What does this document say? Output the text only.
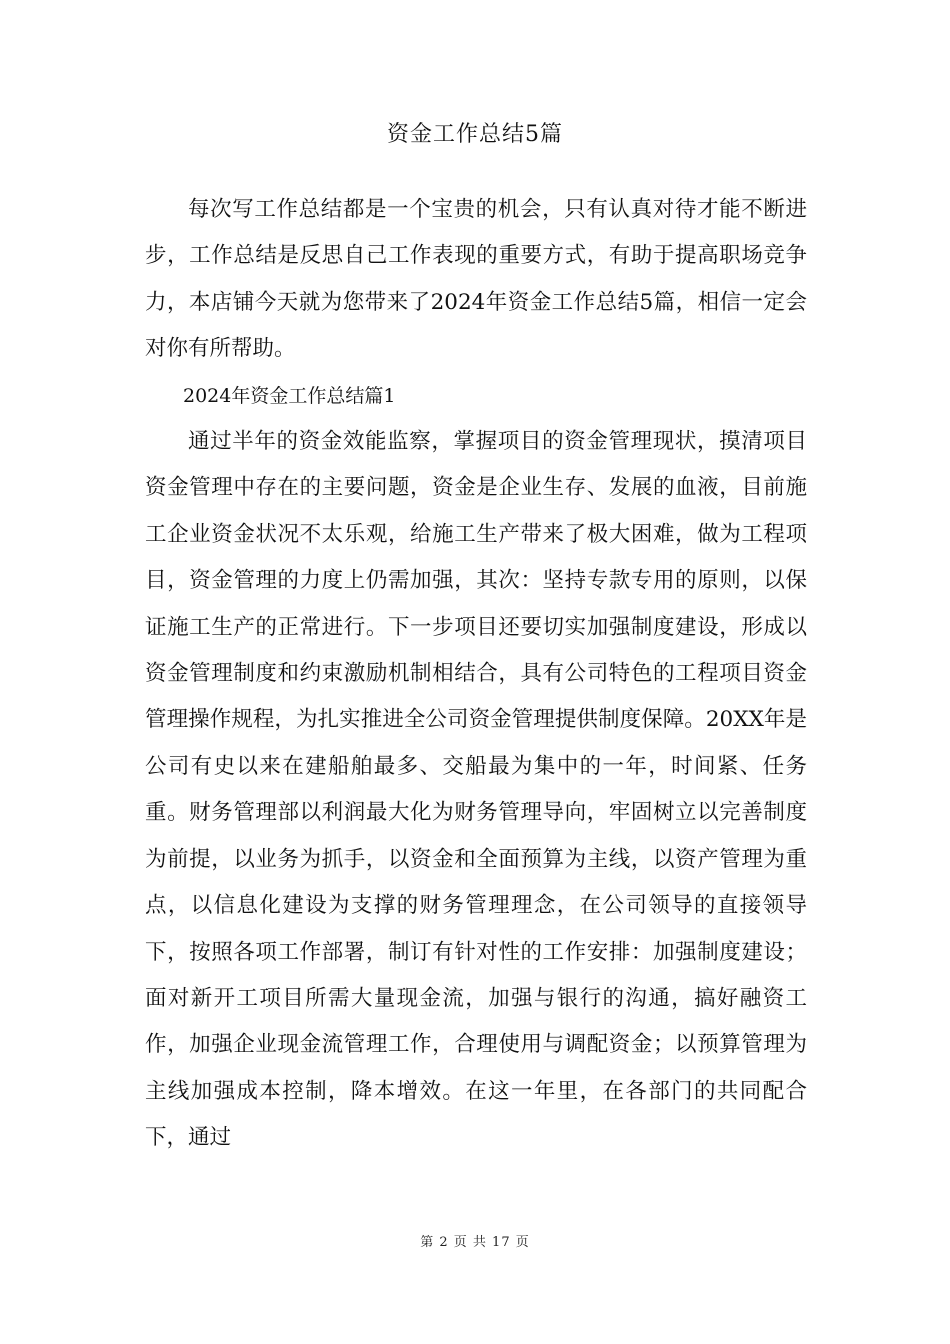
资金工作总结5篇

每次写工作总结都是一个宝贵的机会，只有认真对待才能不断进步，工作总结是反思自己工作表现的重要方式，有助于提高职场竞争力，本店铺今天就为您带来了2024年资金工作总结5篇，相信一定会对你有所帮助。

2024年资金工作总结篇1

通过半年的资金效能监察，掌握项目的资金管理现状，摸清项目资金管理中存在的主要问题，资金是企业生存、发展的血液，目前施工企业资金状况不太乐观，给施工生产带来了极大困难，做为工程项目，资金管理的力度上仍需加强，其次：坚持专款专用的原则，以保证施工生产的正常进行。下一步项目还要切实加强制度建设，形成以资金管理制度和约束激励机制相结合，具有公司特色的工程项目资金管理操作规程，为扎实推进全公司资金管理提供制度保障。20XX年是公司有史以来在建船舶最多、交船最为集中的一年，时间紧、任务重。财务管理部以利润最大化为财务管理导向，牢固树立以完善制度为前提，以业务为抓手，以资金和全面预算为主线，以资产管理为重点，以信息化建设为支撑的财务管理理念，在公司领导的直接领导下，按照各项工作部署，制订有针对性的工作安排：加强制度建设；面对新开工项目所需大量现金流，加强与银行的沟通，搞好融资工作，加强企业现金流管理工作，合理使用与调配资金；以预算管理为主线加强成本控制，降本增效。在这一年里，在各部门的共同配合下，通过

第 2 页 共 17 页
